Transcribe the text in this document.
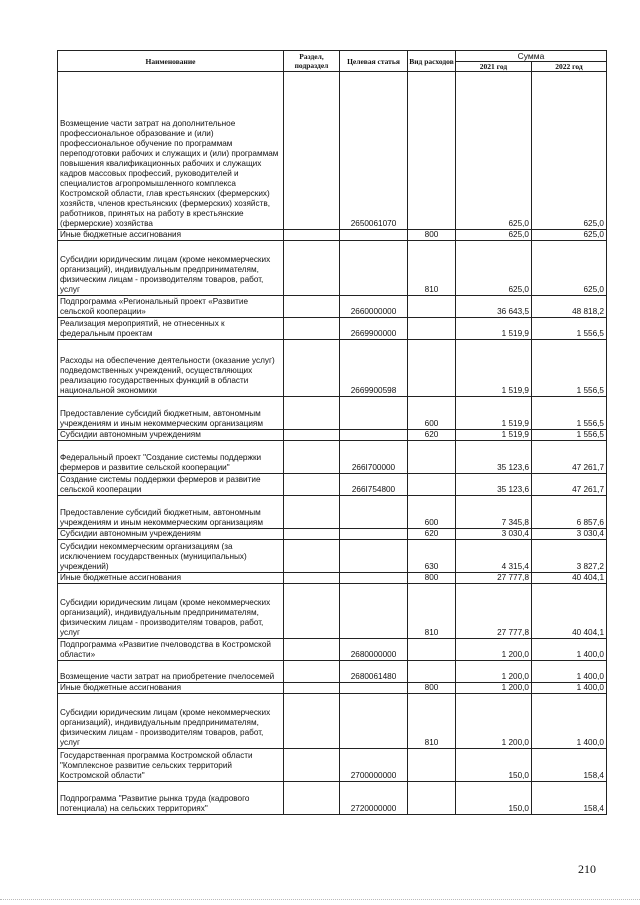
Наименование	Раздел, подраздел	Целевая статья	Вид расходов	Сумма	
				2021 год	2022 год
Возмещение части затрат на дополнительное профессиональное образование и (или) профессиональное обучение по программам переподготовки рабочих и служащих и (или) программам повышения квалификационных рабочих и служащих кадров массовых профессий, руководителей и специалистов агропромышленного комплекса Костромской области, глав крестьянских (фермерских) хозяйств, членов крестьянских (фермерских) хозяйств, работников, принятых на работу в крестьянские (фермерские) хозяйства		2650061070		625,0	625,0
Иные бюджетные ассигнования			800	625,0	625,0
Субсидии юридическим лицам (кроме некоммерческих организаций), индивидуальным предпринимателям, физическим лицам - производителям товаров, работ, услуг			810	625,0	625,0
Подпрограмма «Региональный проект «Развитие сельской кооперации»		2660000000		36 643,5	48 818,2
Реализация мероприятий, не отнесенных к федеральным проектам		2669900000		1 519,9	1 556,5
Расходы на обеспечение деятельности (оказание услуг) подведомственных учреждений, осуществляющих реализацию государственных функций в области национальной экономики		2669900598		1 519,9	1 556,5
Предоставление субсидий бюджетным, автономным учреждениям и иным некоммерческим организациям			600	1 519,9	1 556,5
Субсидии автономным учреждениям			620	1 519,9	1 556,5
Федеральный проект "Создание системы поддержки фермеров и развитие сельской кооперации"		266I700000		35 123,6	47 261,7
Создание системы поддержки фермеров и развитие сельской кооперации		266I754800		35 123,6	47 261,7
Предоставление субсидий бюджетным, автономным учреждениям и иным некоммерческим организациям			600	7 345,8	6 857,6
Субсидии автономным учреждениям			620	3 030,4	3 030,4
Субсидии некоммерческим организациям (за исключением государственных (муниципальных) учреждений)			630	4 315,4	3 827,2
Иные бюджетные ассигнования			800	27 777,8	40 404,1
Субсидии юридическим лицам (кроме некоммерческих организаций), индивидуальным предпринимателям, физическим лицам - производителям товаров, работ, услуг			810	27 777,8	40 404,1
Подпрограмма «Развитие пчеловодства в Костромской области»		2680000000		1 200,0	1 400,0
Возмещение части затрат на приобретение пчелосемей		2680061480		1 200,0	1 400,0
Иные бюджетные ассигнования			800	1 200,0	1 400,0
Субсидии юридическим лицам (кроме некоммерческих организаций), индивидуальным предпринимателям, физическим лицам - производителям товаров, работ, услуг			810	1 200,0	1 400,0
Государственная программа Костромской области "Комплексное развитие сельских территорий Костромской области"		2700000000		150,0	158,4
Подпрограмма "Развитие рынка труда (кадрового потенциала) на сельских территориях"		2720000000		150,0	158,4
210
